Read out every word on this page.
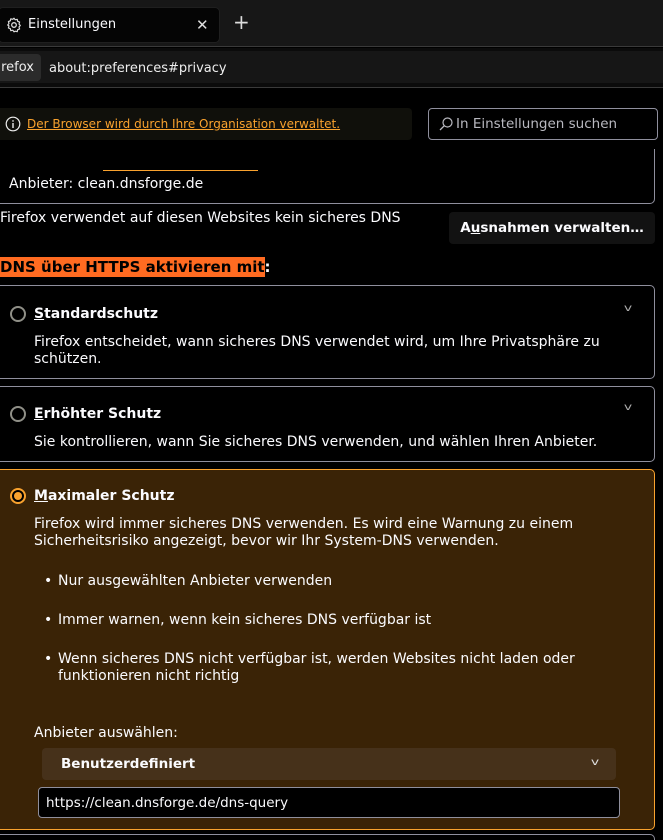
Einstellungen	✕ +
refox	about:preferences#privacy
Der Browser wird durch Ihre Organisation verwaltet.
In Einstellungen suchen
Anbieter: clean.dnsforge.de
Firefox verwendet auf diesen Websites kein sicheres DNS
Ausnahmen verwalten…
DNS über HTTPS aktivieren mit:
Standardschutz	v
Firefox entscheidet, wann sicheres DNS verwendet wird, um Ihre Privatsphäre zu schützen.
Erhöhter Schutz	v
Sie kontrollieren, wann Sie sicheres DNS verwenden, und wählen Ihren Anbieter.
Maximaler Schutz
Firefox wird immer sicheres DNS verwenden. Es wird eine Warnung zu einem Sicherheitsrisiko angezeigt, bevor wir Ihr System-DNS verwenden.
• Nur ausgewählten Anbieter verwenden
• Immer warnen, wenn kein sicheres DNS verfügbar ist
• Wenn sicheres DNS nicht verfügbar ist, werden Websites nicht laden oder funktionieren nicht richtig
Anbieter auswählen:
Benutzerdefiniert	v
https://clean.dnsforge.de/dns-query
